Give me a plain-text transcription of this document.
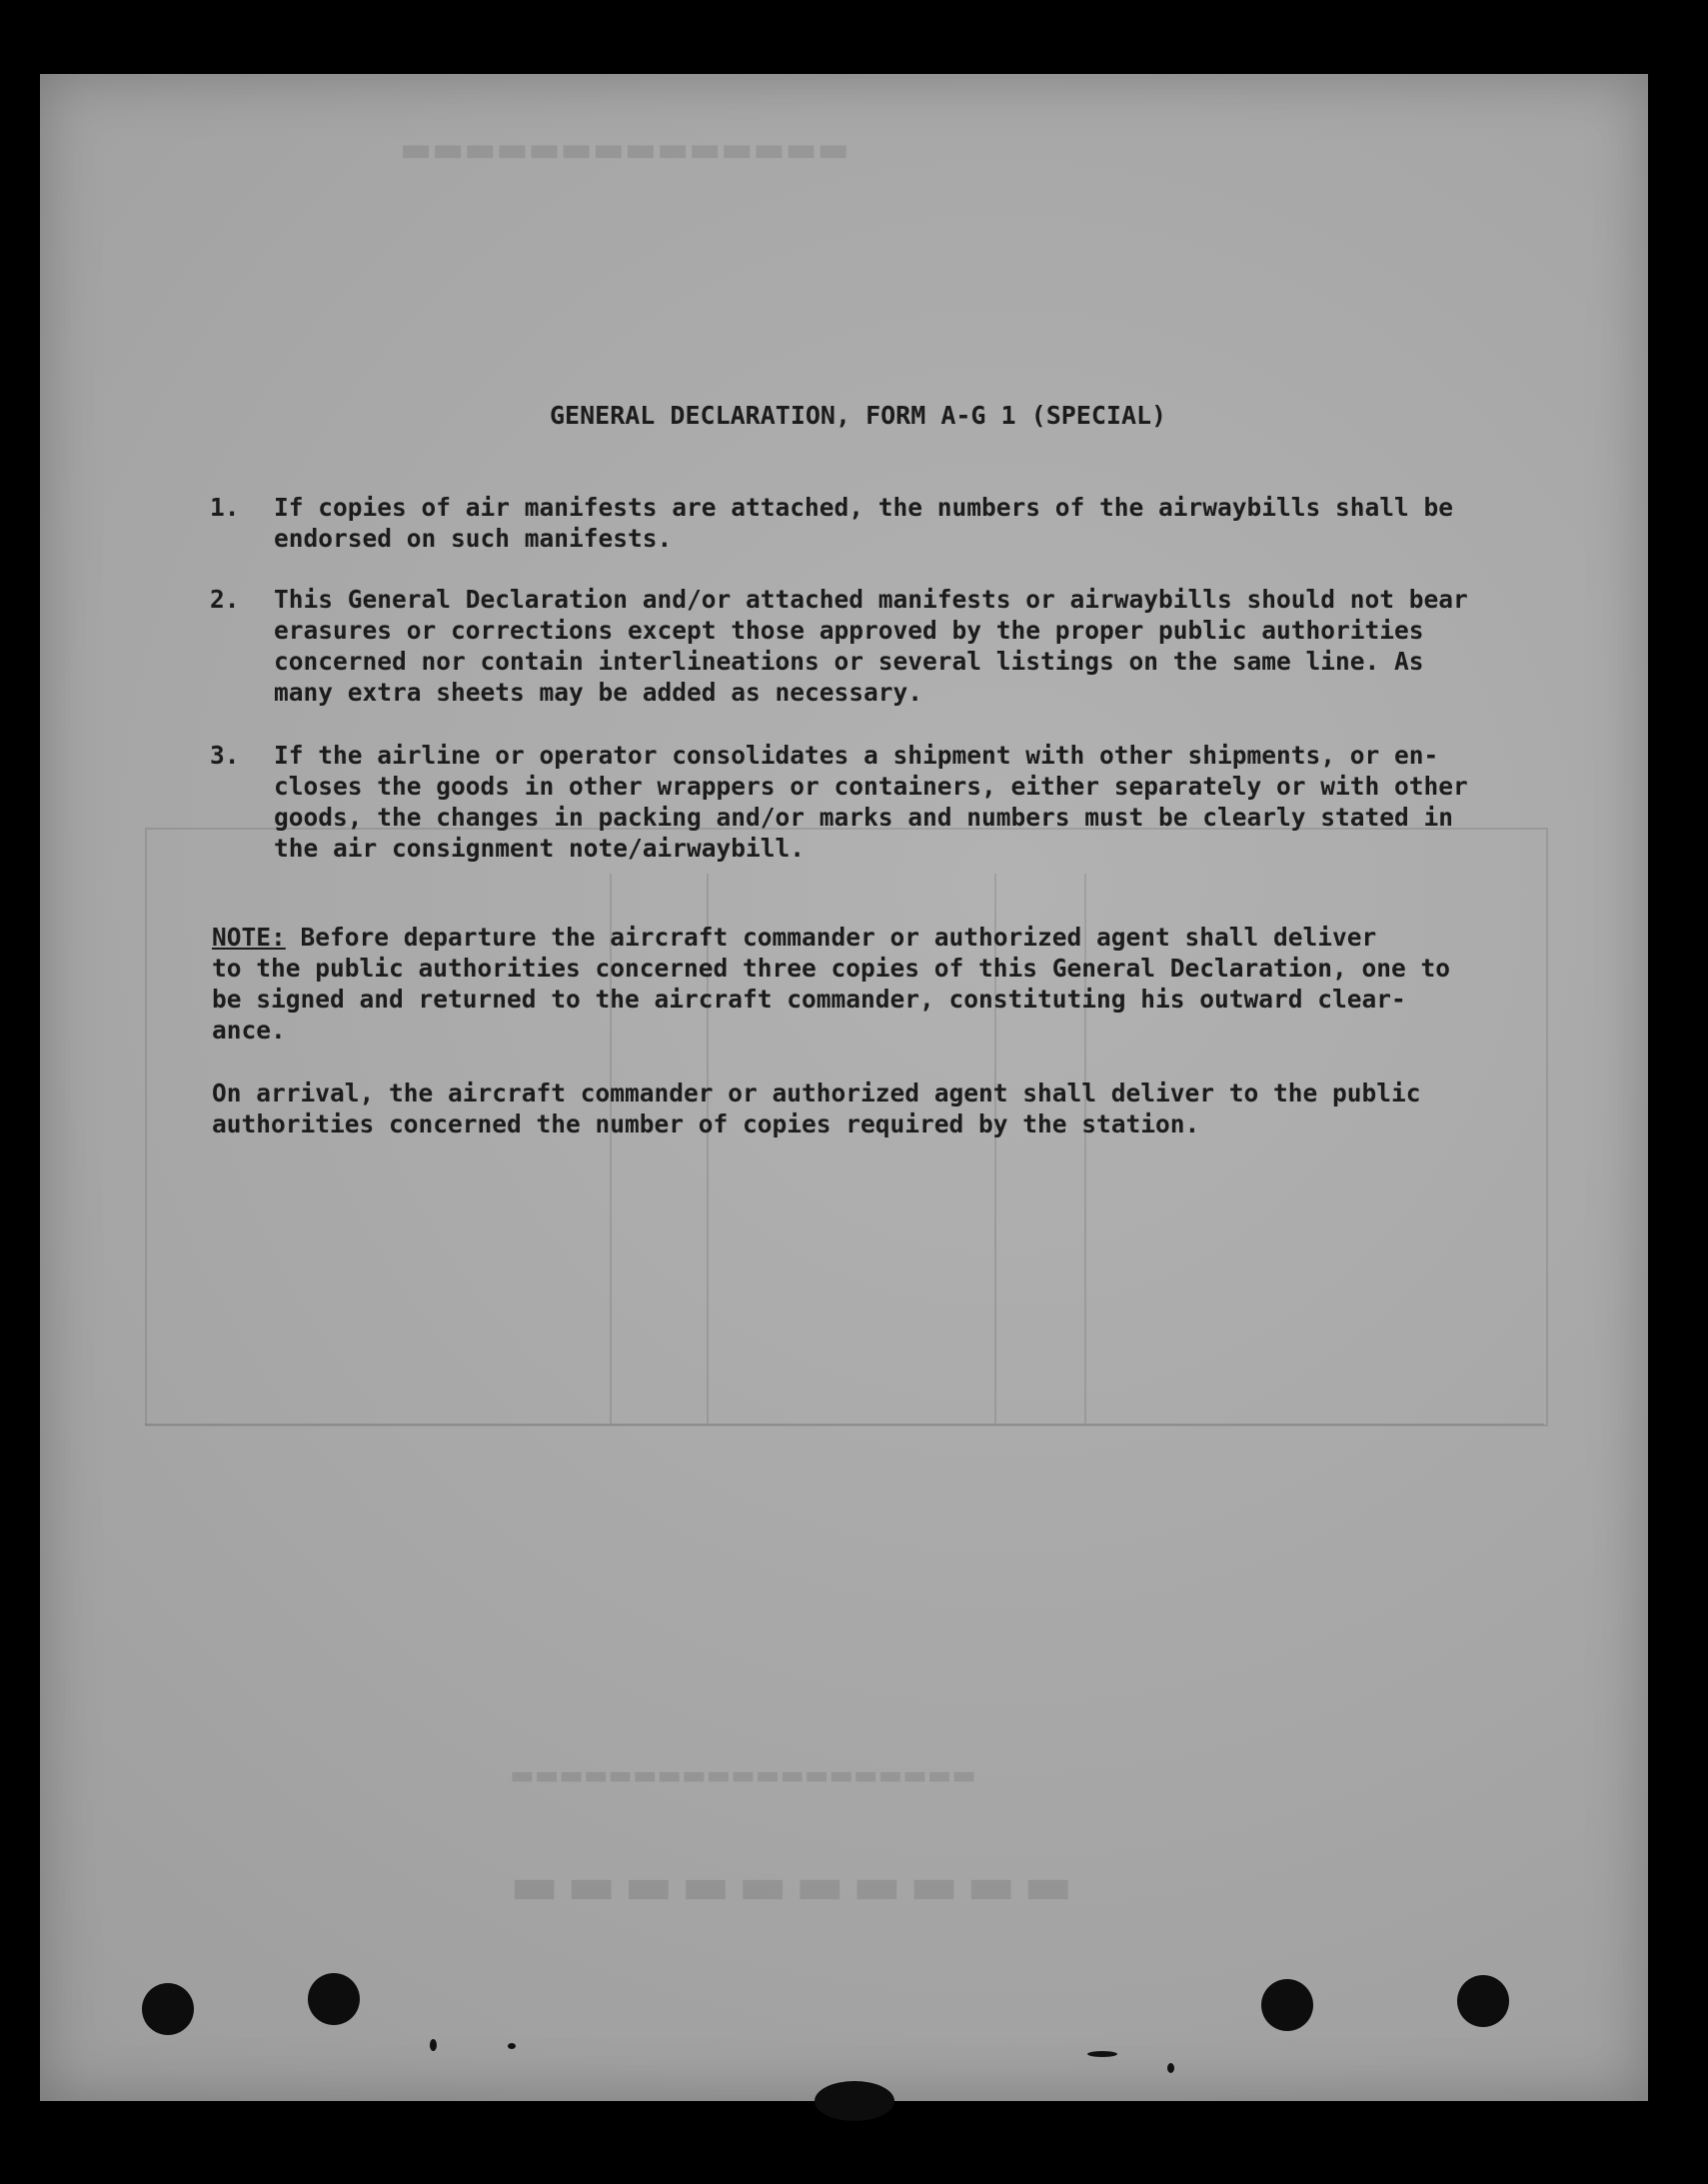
▬▬▬▬▬▬▬▬▬▬▬▬▬▬
▬▬▬▬▬▬▬▬▬▬
▬▬▬▬▬▬▬▬▬▬▬▬▬▬▬▬▬▬▬
GENERAL DECLARATION, FORM A-G 1 (SPECIAL)
1. If copies of air manifests are attached, the numbers of the airwaybills shall be
endorsed on such manifests.
2. This General Declaration and/or attached manifests or airwaybills should not bear
erasures or corrections except those approved by the proper public authorities
concerned nor contain interlineations or several listings on the same line. As
many extra sheets may be added as necessary.
3. If the airline or operator consolidates a shipment with other shipments, or en-
closes the goods in other wrappers or containers, either separately or with other
goods, the changes in packing and/or marks and numbers must be clearly stated in
the air consignment note/airwaybill.
NOTE: Before departure the aircraft commander or authorized agent shall deliver
to the public authorities concerned three copies of this General Declaration, one to
be signed and returned to the aircraft commander, constituting his outward clear-
ance.
On arrival, the aircraft commander or authorized agent shall deliver to the public
authorities concerned the number of copies required by the station.
